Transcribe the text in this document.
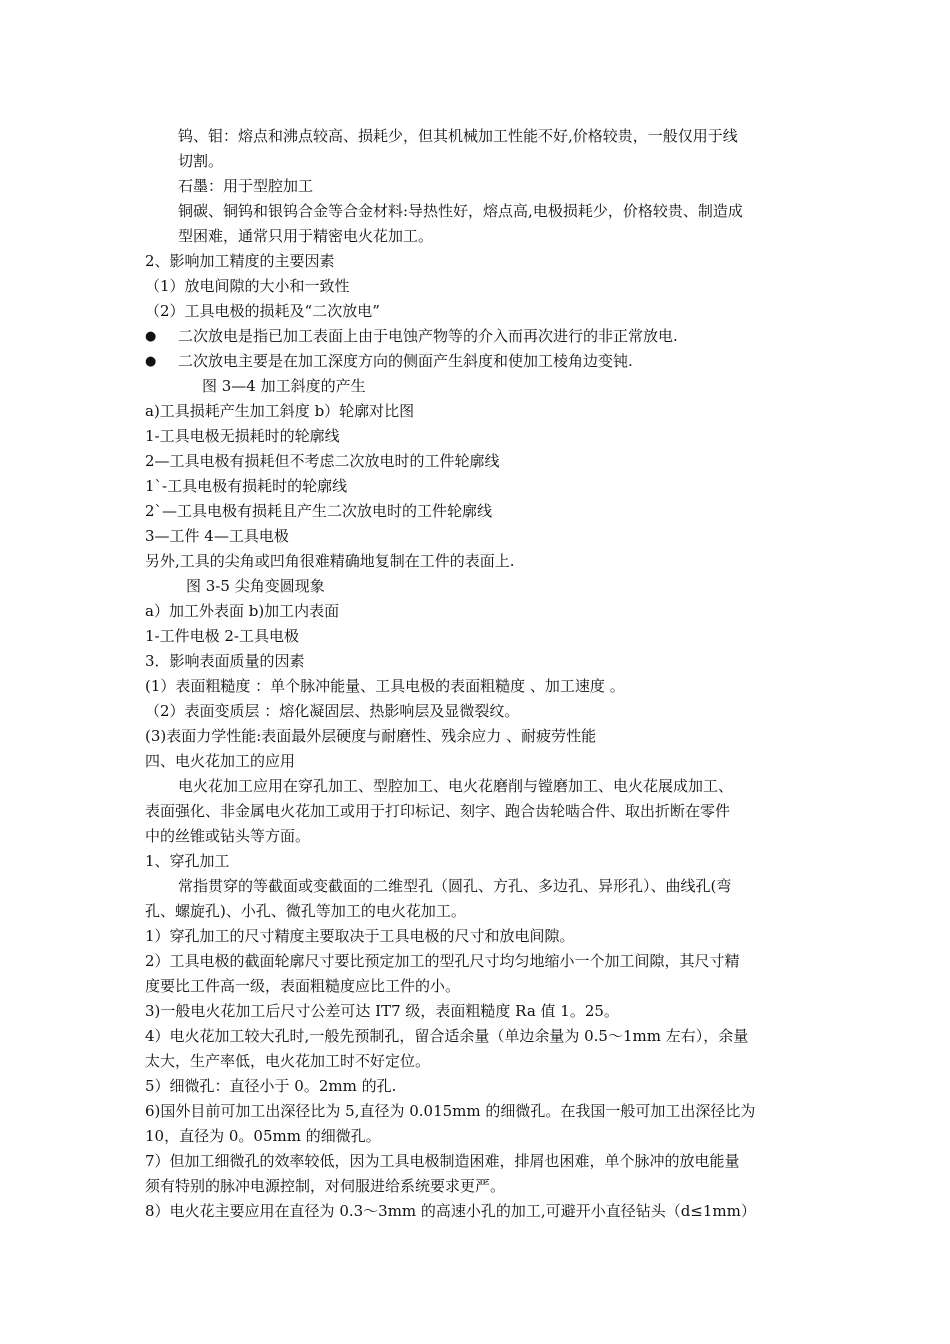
钨、钼：熔点和沸点较高、损耗少，但其机械加工性能不好,价格较贵，一般仅用于线
切割。
石墨：用于型腔加工
铜碳、铜钨和银钨合金等合金材料:导热性好，熔点高,电极损耗少，价格较贵、制造成
型困难，通常只用于精密电火花加工。
2、影响加工精度的主要因素
（1）放电间隙的大小和一致性
（2）工具电极的损耗及“二次放电”
● 二次放电是指已加工表面上由于电蚀产物等的介入而再次进行的非正常放电.
● 二次放电主要是在加工深度方向的侧面产生斜度和使加工棱角边变钝.
图 3—4 加工斜度的产生
a)工具损耗产生加工斜度 b）轮廓对比图
1-工具电极无损耗时的轮廓线
2—工具电极有损耗但不考虑二次放电时的工件轮廓线
1`-工具电极有损耗时的轮廓线
2`—工具电极有损耗且产生二次放电时的工件轮廓线
3—工件 4—工具电极
另外,工具的尖角或凹角很难精确地复制在工件的表面上.
图 3-5 尖角变圆现象
a）加工外表面 b)加工内表面
1-工件电极 2-工具电极
3．影响表面质量的因素
(1）表面粗糙度 ：单个脉冲能量、工具电极的表面粗糙度 、加工速度 。
（2）表面变质层 ：熔化凝固层、热影响层及显微裂纹。
(3)表面力学性能:表面最外层硬度与耐磨性、残余应力 、耐疲劳性能
四、电火花加工的应用
电火花加工应用在穿孔加工、型腔加工、电火花磨削与镗磨加工、电火花展成加工、
表面强化、非金属电火花加工或用于打印标记、刻字、跑合齿轮啮合件、取出折断在零件
中的丝锥或钻头等方面。
1、穿孔加工
常指贯穿的等截面或变截面的二维型孔（圆孔、方孔、多边孔、异形孔）、曲线孔(弯
孔、螺旋孔)、小孔、微孔等加工的电火花加工。
1）穿孔加工的尺寸精度主要取决于工具电极的尺寸和放电间隙。
2）工具电极的截面轮廓尺寸要比预定加工的型孔尺寸均匀地缩小一个加工间隙，其尺寸精
度要比工件高一级，表面粗糙度应比工件的小。
3)一般电火花加工后尺寸公差可达 IT7 级，表面粗糙度 Ra 值 1。25。
4）电火花加工较大孔时,一般先预制孔，留合适余量（单边余量为 0.5～1mm 左右），余量
太大，生产率低，电火花加工时不好定位。
5）细微孔：直径小于 0。2mm 的孔.
6)国外目前可加工出深径比为 5,直径为 0.015mm 的细微孔。在我国一般可加工出深径比为
10，直径为 0。05mm 的细微孔。
7）但加工细微孔的效率较低，因为工具电极制造困难，排屑也困难，单个脉冲的放电能量
须有特别的脉冲电源控制，对伺服进给系统要求更严。
8）电火花主要应用在直径为 0.3～3mm 的高速小孔的加工,可避开小直径钻头（d≤1mm）
